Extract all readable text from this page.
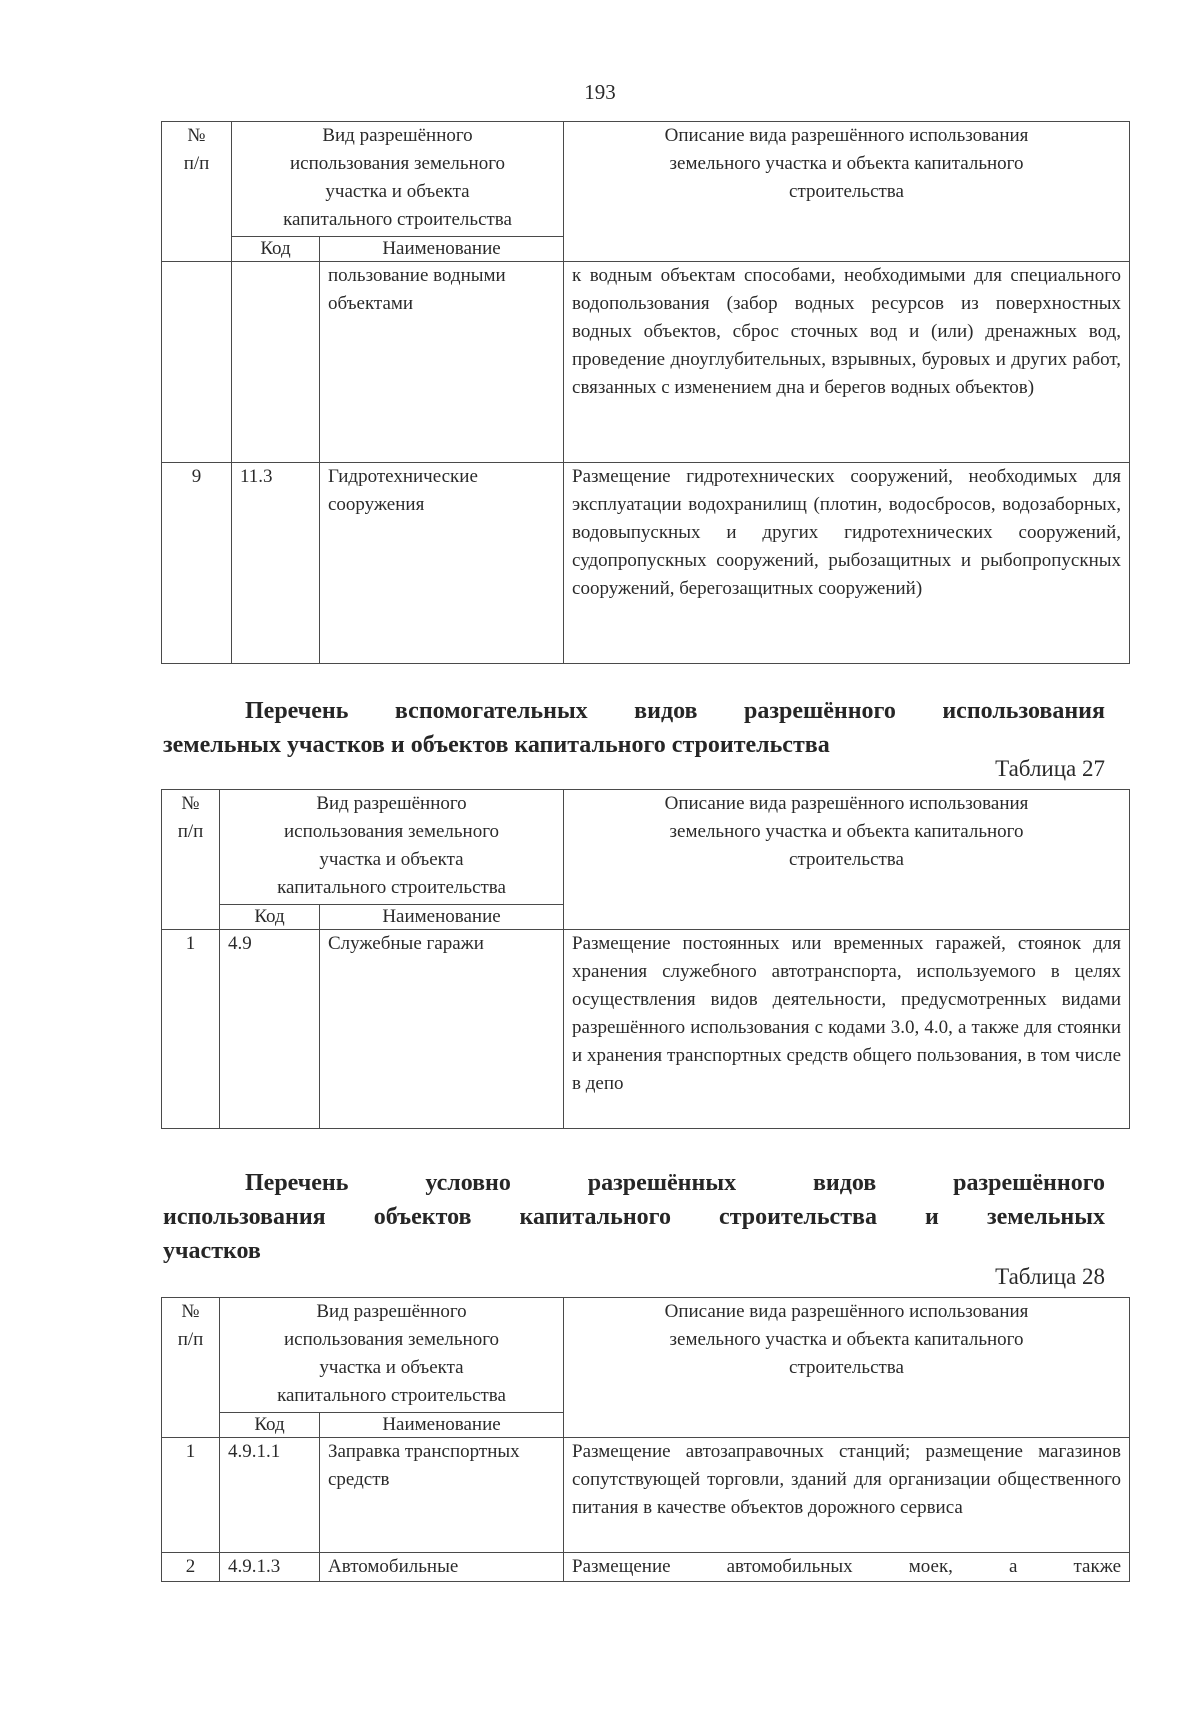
193
№
п/п	Вид разрешённого
использования земельного
участка и объекта
капитального строительства		Описание вида разрешённого использования
земельного участка и объекта капитального
строительства
	Код	Наименование	
		пользование водными объектами	к водным объектам способами, необходимыми для специального водопользования (забор водных ресурсов из поверхностных водных объектов, сброс сточных вод и (или) дренажных вод, проведение дноуглубительных, взрывных, буровых и других работ, связанных с изменением дна и берегов водных объектов)
9	11.3	Гидротехнические сооружения	Размещение гидротехнических сооружений, необходимых для эксплуатации водохранилищ (плотин, водосбросов, водозаборных, водовыпускных и других гидротехнических сооружений, судопропускных сооружений, рыбозащитных и рыбопропускных сооружений, берегозащитных сооружений)
Перечень вспомогательных видов разрешённого использования
земельных участков и объектов капитального строительства
Таблица 27
№
п/п	Вид разрешённого
использования земельного
участка и объекта
капитального строительства		Описание вида разрешённого использования
земельного участка и объекта капитального
строительства
	Код	Наименование	
1	4.9	Служебные гаражи	Размещение постоянных или временных гаражей, стоянок для хранения служебного автотранспорта, используемого в целях осуществления видов деятельности, предусмотренных видами разрешённого использования с кодами 3.0, 4.0, а также для стоянки и хранения транспортных средств общего пользования, в том числе в депо
Перечень условно разрешённых видов разрешённого
использования объектов капитального строительства и земельных
участков
Таблица 28
№
п/п	Вид разрешённого
использования земельного
участка и объекта
капитального строительства		Описание вида разрешённого использования
земельного участка и объекта капитального
строительства
	Код	Наименование	
1	4.9.1.1	Заправка транспортных средств	Размещение автозаправочных станций; размещение магазинов сопутствующей торговли, зданий для организации общественного питания в качестве объектов дорожного сервиса
2	4.9.1.3	Автомобильные	Размещение автомобильных моек, а также
